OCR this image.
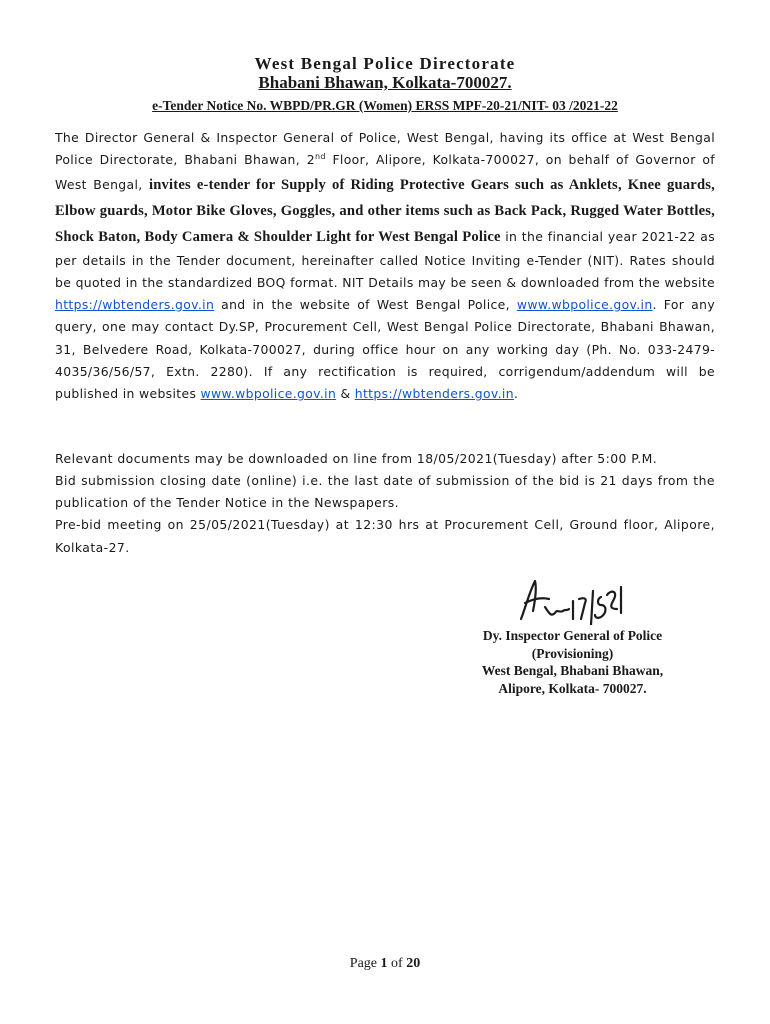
West Bengal Police Directorate
Bhabani Bhawan, Kolkata-700027.
e-Tender Notice No. WBPD/PR.GR (Women) ERSS MPF-20-21/NIT- 03 /2021-22
The Director General & Inspector General of Police, West Bengal, having its office at West Bengal Police Directorate, Bhabani Bhawan, 2nd Floor, Alipore, Kolkata-700027, on behalf of Governor of West Bengal, invites e-tender for Supply of Riding Protective Gears such as Anklets, Knee guards, Elbow guards, Motor Bike Gloves, Goggles, and other items such as Back Pack, Rugged Water Bottles, Shock Baton, Body Camera & Shoulder Light for West Bengal Police in the financial year 2021-22 as per details in the Tender document, hereinafter called Notice Inviting e-Tender (NIT). Rates should be quoted in the standardized BOQ format. NIT Details may be seen & downloaded from the website https://wbtenders.gov.in and in the website of West Bengal Police, www.wbpolice.gov.in. For any query, one may contact Dy.SP, Procurement Cell, West Bengal Police Directorate, Bhabani Bhawan, 31, Belvedere Road, Kolkata-700027, during office hour on any working day (Ph. No. 033-2479-4035/36/56/57, Extn. 2280). If any rectification is required, corrigendum/addendum will be published in websites www.wbpolice.gov.in & https://wbtenders.gov.in.
Relevant documents may be downloaded on line from 18/05/2021(Tuesday) after 5:00 P.M.
Bid submission closing date (online) i.e. the last date of submission of the bid is 21 days from the
publication of the Tender Notice in the Newspapers.
Pre-bid meeting on 25/05/2021(Tuesday) at 12:30 hrs at Procurement Cell, Ground floor, Alipore,
Kolkata-27.
Dy. Inspector General of Police
(Provisioning)
West Bengal, Bhabani Bhawan,
Alipore, Kolkata- 700027.
Page 1 of 20
